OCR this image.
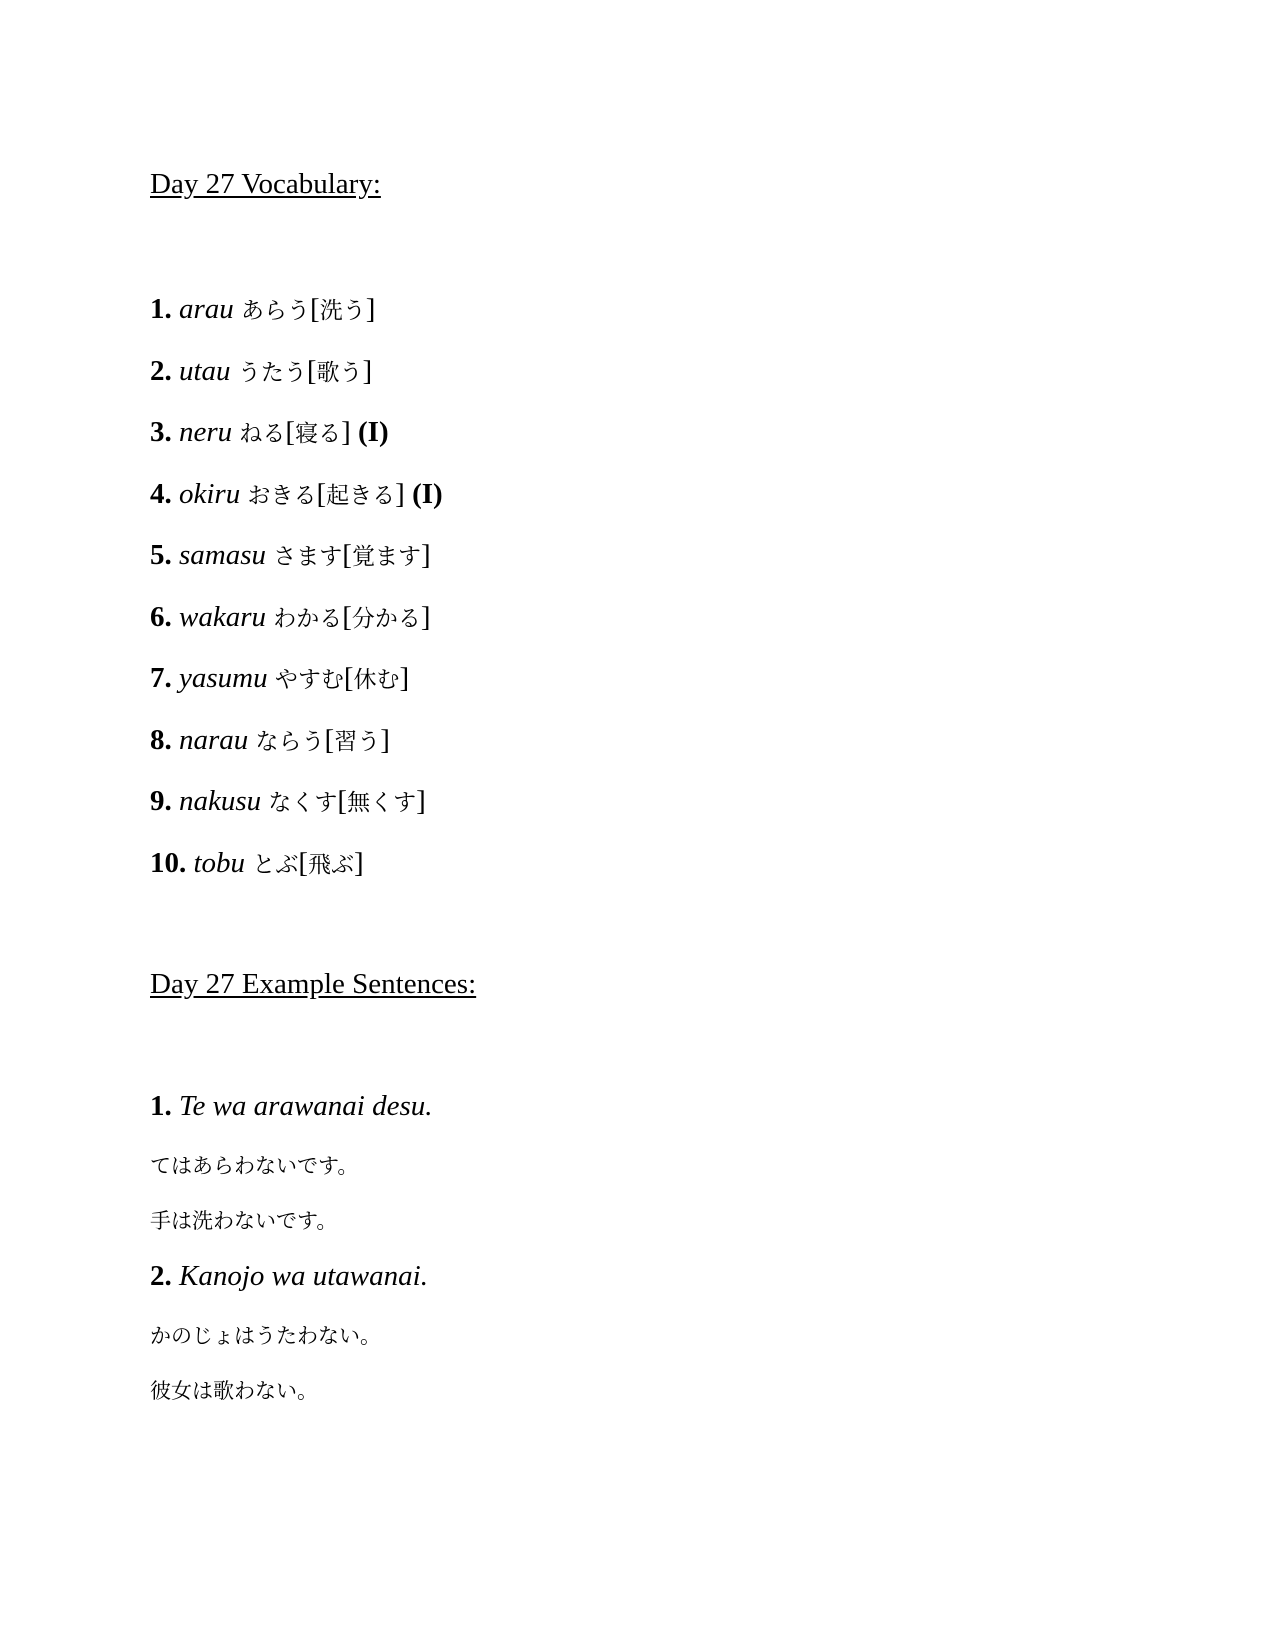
Day 27 Vocabulary:
1. arau あらう[洗う]
2. utau うたう[歌う]
3. neru ねる[寝る] (I)
4. okiru おきる[起きる] (I)
5. samasu さます[覚ます]
6. wakaru わかる[分かる]
7. yasumu やすむ[休む]
8. narau ならう[習う]
9. nakusu なくす[無くす]
10. tobu とぶ[飛ぶ]
Day 27 Example Sentences:
1. Te wa arawanai desu.
てはあらわないです。
手は洗わないです。
2. Kanojo wa utawanai.
かのじょはうたわない。
彼女は歌わない。
